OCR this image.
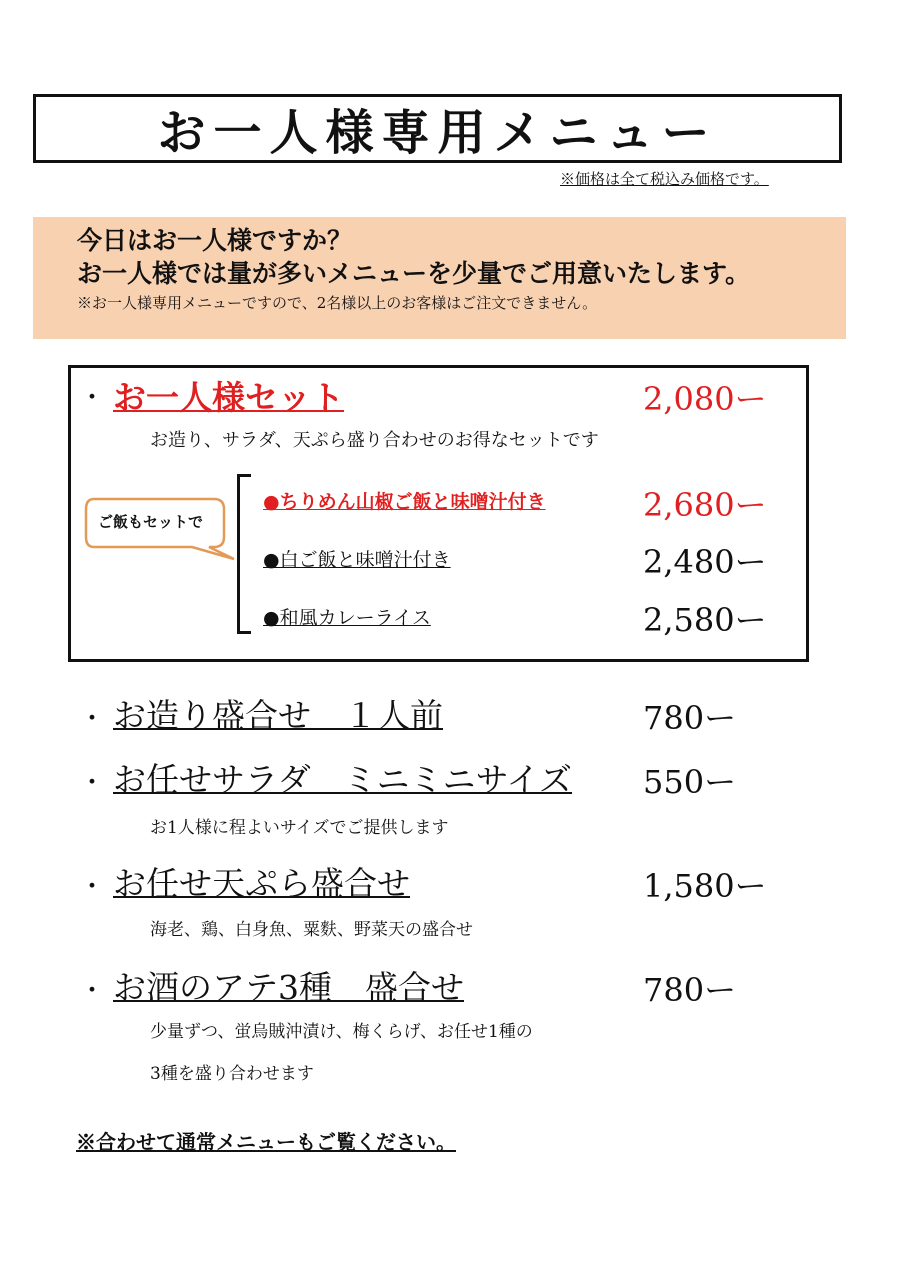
お一人様専用メニュー
※価格は全て税込み価格です。
今日はお一人様ですか？
お一人様では量が多いメニューを少量でご用意いたします。
※お一人様専用メニューですので、2名様以上のお客様はご注文できません。
・ お一人様セット	2,080ー
お造り、サラダ、天ぷら盛り合わせのお得なセットです
ご飯もセットで
●ちりめん山椒ご飯と味噌汁付き	2,680ー
●白ご飯と味噌汁付き	2,480ー
●和風カレーライス	2,580ー
・ お造り盛合せ　１人前	780ー
・ お任せサラダ　ミニミニサイズ 550ー
お1人様に程よいサイズでご提供します
・ お任せ天ぷら盛合せ	1,580ー
海老、鶏、白身魚、粟麩、野菜天の盛合せ
・ お酒のアテ3種　盛合せ	780ー
少量ずつ、蛍烏賊沖漬け、梅くらげ、お任せ1種の
3種を盛り合わせます
※合わせて通常メニューもご覧ください。
